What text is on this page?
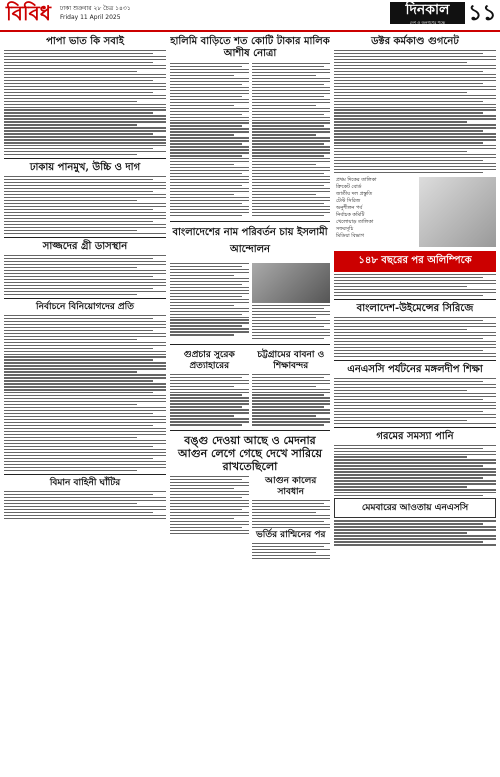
বিবিধ ঢাকা শুক্রবার ২৮ চৈত্র ১৪৩১
Friday 11 April 2025	দিনকাল
দেশ ও জনগণের পক্ষে	১১
পাপা ভাত কি সবাই
ঢাকায় পানমুখ, উচ্চি ও দাগ
সাজ্জদের গ্রী ডাসস্থান
নির্বাচনে বিনিয়োগদের প্রতি
বিমান বাহিনী ঘাঁটির
হালিমি বাড়িতে শত কোটি টাকার মালিক আশীষ নোত্রা
বাংলাদেশের নাম পরিবর্তন চায় ইসলামী আন্দোলন
গুপ্রচার সুরেক প্রত্যাহারের
চট্টগ্রামের বাবনা ও শিক্ষাবন্দর
বঙ্গু দেওয়া আছে ও মেদনার আগুন লেগে গেছে দেখে সারিয়ে রাখতেছিলো
আগুন কালের সাবধান
ভর্তির রাশ্মিনের পর
ডক্টর কর্মকাণ্ড গুগনেট
প্রথম দিকের তালিকা
ক্রিকেট বোর্ড
জাতীয় দল প্রস্তুতি
টেস্ট সিরিজ
অনুশীলন পর্ব
নির্বাচক কমিটি
খেলোয়াড় তালিকা
সফরসূচি
মিডিয়া বিভাগ
১৪৮ বছরের পর অলিম্পিকে
বাংলাদেশ-উইমেন্সের সিরিজে
এনএসসি পর্যটনের মঙ্গলদীপ শিক্ষা
গরমের সমস্যা পানি
মেমবারের আওতায় এনএসসি
